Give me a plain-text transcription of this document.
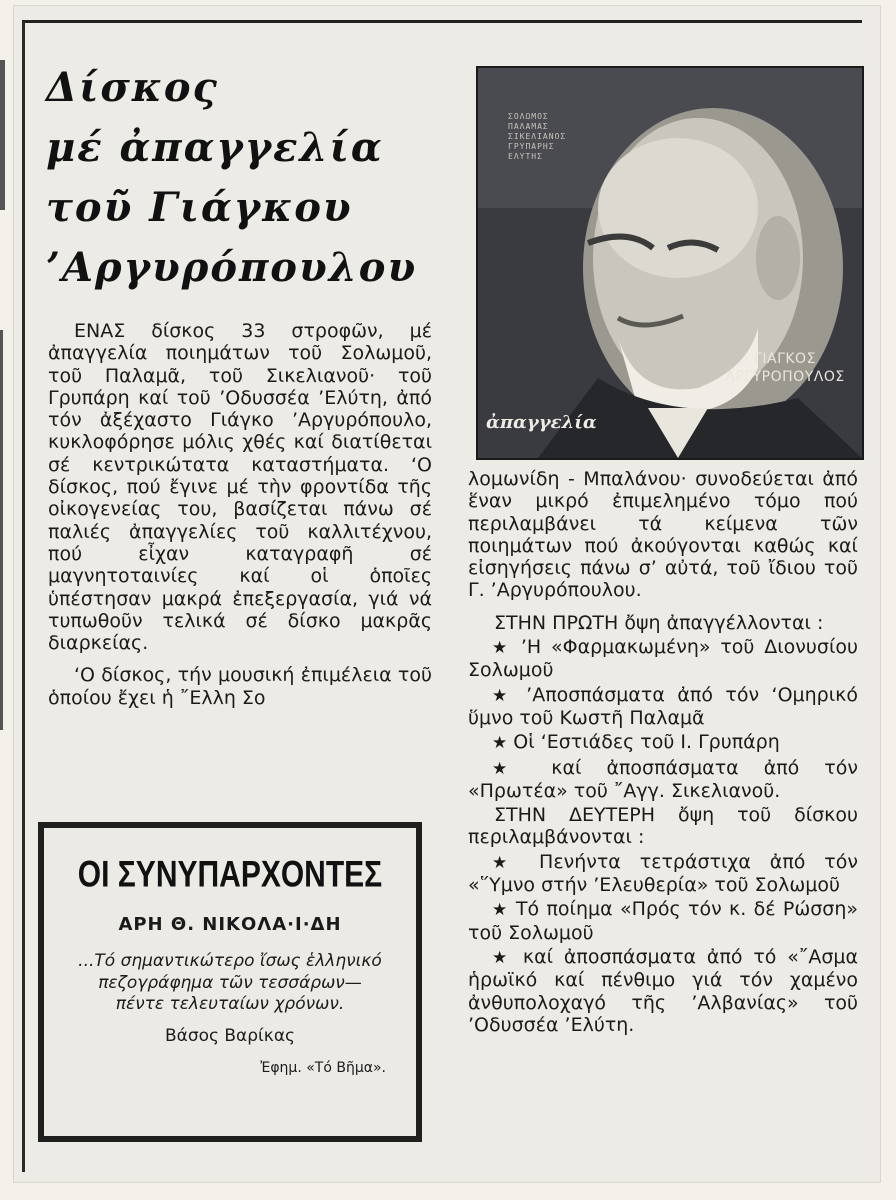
Δίσκος
μέ ἀπαγγελία
τοῦ Γιάγκου
’Αργυρόπουλου
ΣΟΛΩΜΟΣ
ΠΑΛΑΜΑΣ
ΣΙΚΕΛΙΑΝΟΣ
ΓΡΥΠΑΡΗΣ
ΕΛΥΤΗΣ
ΓΙΑΓΚΟΣ
ΑΡΓΥΡΟΠΟΥΛΟΣ
ἀπαγγελία

ΕΝΑΣ δίσκος 33 στροφῶν, μέ ἀπαγγελία ποιημάτων τοῦ Σολωμοῦ, τοῦ Παλαμᾶ, τοῦ Σικελιανοῦ· τοῦ Γρυπάρη καί τοῦ ’Οδυσσέα ’Ελύτη, ἀπό τόν ἀξέχαστο Γιάγκο ’Αργυρόπουλο, κυκλοφόρησε μόλις χθές καί διατίθεται σέ κεντρικώτατα καταστήματα. ‘Ο δίσκος, πού ἔγινε μέ τὴν φροντίδα τῆς οἰκογενείας του, βασίζεται πάνω σέ παλιές ἀπαγγελίες τοῦ καλλιτέχνου, πού εἶχαν καταγραφῆ σέ μαγνητοταινίες καί οἱ ὁποῖες ὑπέστησαν μακρά ἐπεξεργασία, γιά νά τυπωθοῦν τελικά σέ δίσκο μακρᾶς διαρκείας.

‘Ο δίσκος, τήν μουσική ἐπιμέλεια τοῦ ὁποίου ἔχει ἡ ῎Ελλη Σο

λομωνίδη - Μπαλάνου· συνοδεύεται ἀπό ἕναν μικρό ἐπιμελημένο τόμο πού περιλαμβάνει τά κείμενα τῶν ποιημάτων πού ἀκούγονται καθώς καί εἰσηγήσεις πάνω σ’ αὐτά, τοῦ ἴδιου τοῦ Γ. ’Αργυρόπουλου.

ΣΤΗΝ ΠΡΩΤΗ ὄψη ἀπαγγέλλονται :

★ ’Η «Φαρμακωμένη» τοῦ Διονυσίου Σολωμοῦ

★ ’Αποσπάσματα ἀπό τόν ‘Ομηρικό ὕμνο τοῦ Κωστῆ Παλαμᾶ

★ Οἱ ‘Εστιάδες τοῦ Ι. Γρυπάρη

★ καί ἀποσπάσματα ἀπό τόν «Πρωτέα» τοῦ ῎Αγγ. Σικελιανοῦ.

ΣΤΗΝ ΔΕΥΤΕΡΗ ὄψη τοῦ δίσκου περιλαμβάνονται :

★ Πενήντα τετράστιχα ἀπό τόν «῞Υμνο στήν ’Ελευθερία» τοῦ Σολωμοῦ

★ Τό ποίημα «Πρός τόν κ. δέ Ρώσση» τοῦ Σολωμοῦ

★ καί ἀποσπάσματα ἀπό τό «῎Ασμα ἡρωϊκό καί πένθιμο γιά τόν χαμένο ἀνθυπολοχαγό τῆς ’Αλβανίας» τοῦ ’Οδυσσέα ’Ελύτη.

ΟΙ ΣΥΝΥΠΑΡΧΟΝΤΕΣ
ΑΡΗ Θ. ΝΙΚΟΛΑ·Ι·ΔΗ
...Τό σημαντικώτερο ἴσως ἑλληνικό πεζογράφημα τῶν τεσσάρων—πέντε τελευταίων χρόνων.
Βάσος Βαρίκας
Ἐφημ. «Τό Βῆμα».
